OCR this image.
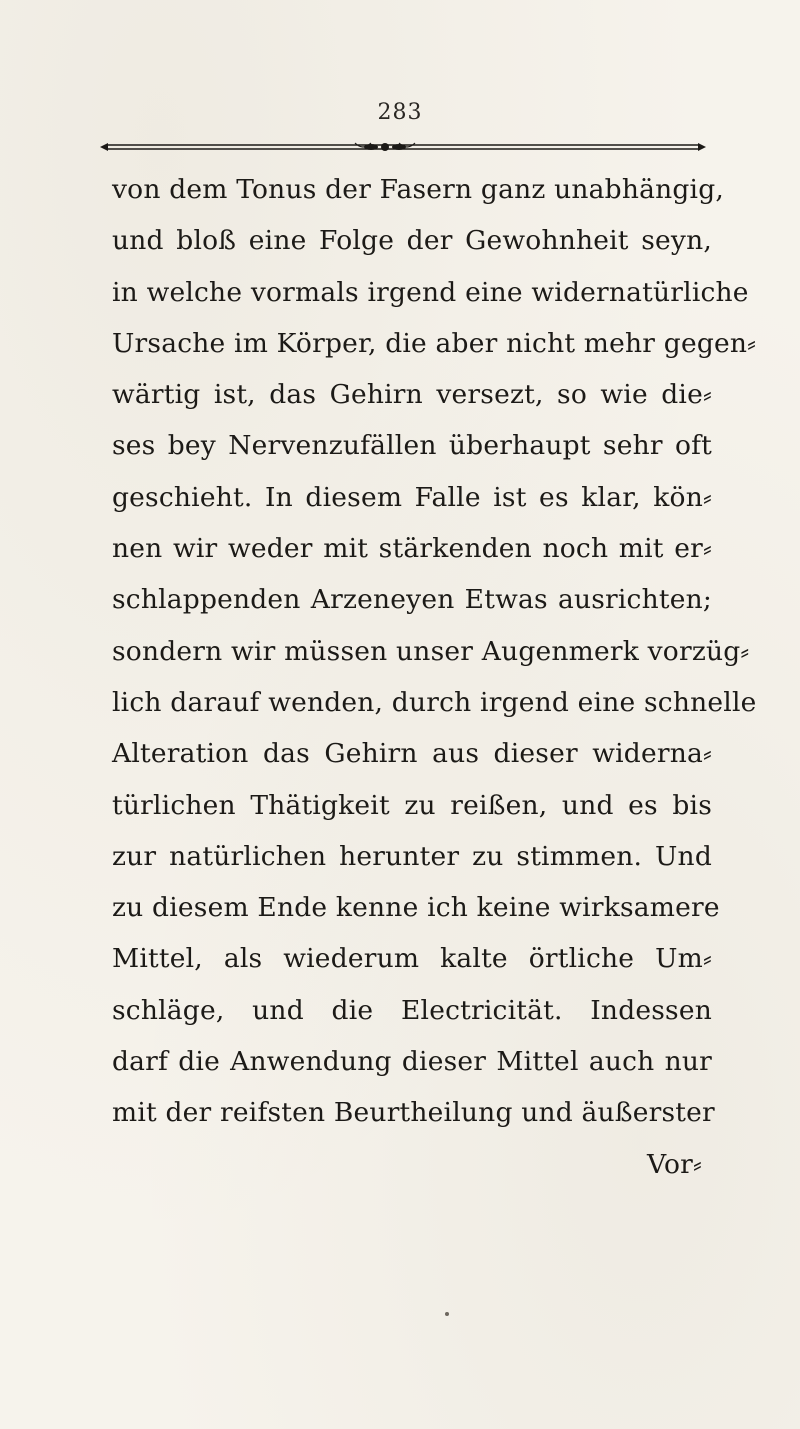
283
von dem Tonus der Fasern ganz unabhängig,
und bloß eine Folge der Gewohnheit seyn,
in welche vormals irgend eine widernatürliche
Ursache im Körper, die aber nicht mehr gegen⸗
wärtig ist, das Gehirn versezt, so wie die⸗
ses bey Nervenzufällen überhaupt sehr oft
geschieht. In diesem Falle ist es klar, kön⸗
nen wir weder mit stärkenden noch mit er⸗
schlappenden Arzeneyen Etwas ausrichten;
sondern wir müssen unser Augenmerk vorzüg⸗
lich darauf wenden, durch irgend eine schnelle
Alteration das Gehirn aus dieser widerna⸗
türlichen Thätigkeit zu reißen, und es bis
zur natürlichen herunter zu stimmen. Und
zu diesem Ende kenne ich keine wirksamere
Mittel, als wiederum kalte örtliche Um⸗
schläge, und die Electricität. Indessen
darf die Anwendung dieser Mittel auch nur
mit der reifsten Beurtheilung und äußerster
Vor⸗
